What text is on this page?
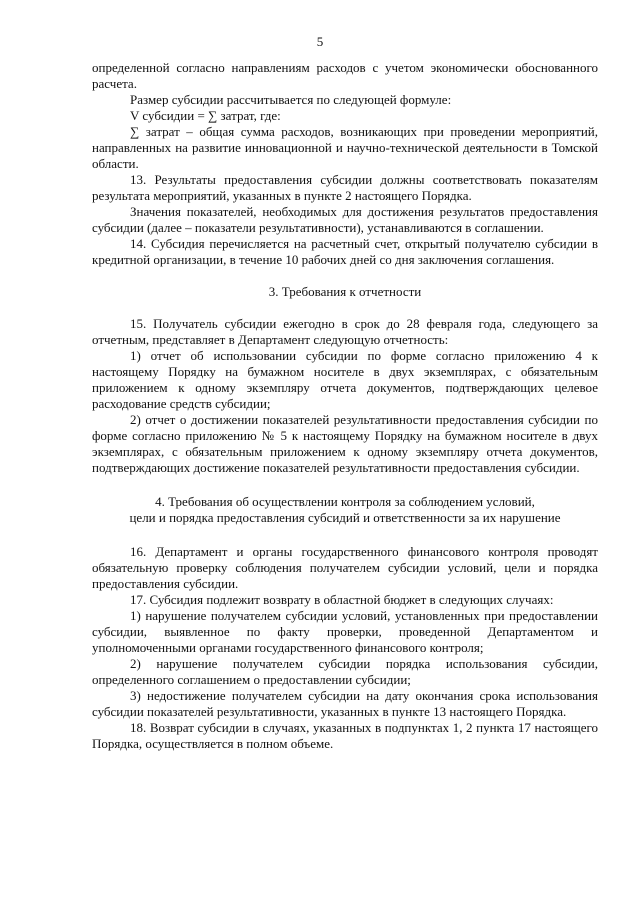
5

определенной согласно направлениям расходов с учетом экономически обоснованного расчета.

Размер субсидии рассчитывается по следующей формуле:

V субсидии = ∑ затрат, где:

∑ затрат – общая сумма расходов, возникающих при проведении мероприятий, направленных на развитие инновационной и научно-технической деятельности в Томской области.

13. Результаты предоставления субсидии должны соответствовать показателям результата мероприятий, указанных в пункте 2 настоящего Порядка.

Значения показателей, необходимых для достижения результатов предоставления субсидии (далее – показатели результативности), устанавливаются в соглашении.

14. Субсидия перечисляется на расчетный счет, открытый получателю субсидии в кредитной организации, в течение 10 рабочих дней со дня заключения соглашения.

3. Требования к отчетности

15. Получатель субсидии ежегодно в срок до 28 февраля года, следующего за отчетным, представляет в Департамент следующую отчетность:

1) отчет об использовании субсидии по форме согласно приложению 4 к настоящему Порядку на бумажном носителе в двух экземплярах, с обязательным приложением к одному экземпляру отчета документов, подтверждающих целевое расходование средств субсидии;

2) отчет о достижении показателей результативности предоставления субсидии по форме согласно приложению № 5 к настоящему Порядку на бумажном носителе в двух экземплярах, с обязательным приложением к одному экземпляру отчета документов, подтверждающих достижение показателей результативности предоставления субсидии.

4. Требования об осуществлении контроля за соблюдением условий,

цели и порядка предоставления субсидий и ответственности за их нарушение

16. Департамент и органы государственного финансового контроля проводят обязательную проверку соблюдения получателем субсидии условий, цели и порядка предоставления субсидии.

17. Субсидия подлежит возврату в областной бюджет в следующих случаях:

1) нарушение получателем субсидии условий, установленных при предоставлении субсидии, выявленное по факту проверки, проведенной Департаментом и уполномоченными органами государственного финансового контроля;

2) нарушение получателем субсидии порядка использования субсидии, определенного соглашением о предоставлении субсидии;

3) недостижение получателем субсидии на дату окончания срока использования субсидии показателей результативности, указанных в пункте 13 настоящего Порядка.

18. Возврат субсидии в случаях, указанных в подпунктах 1, 2 пункта 17 настоящего Порядка, осуществляется в полном объеме.
